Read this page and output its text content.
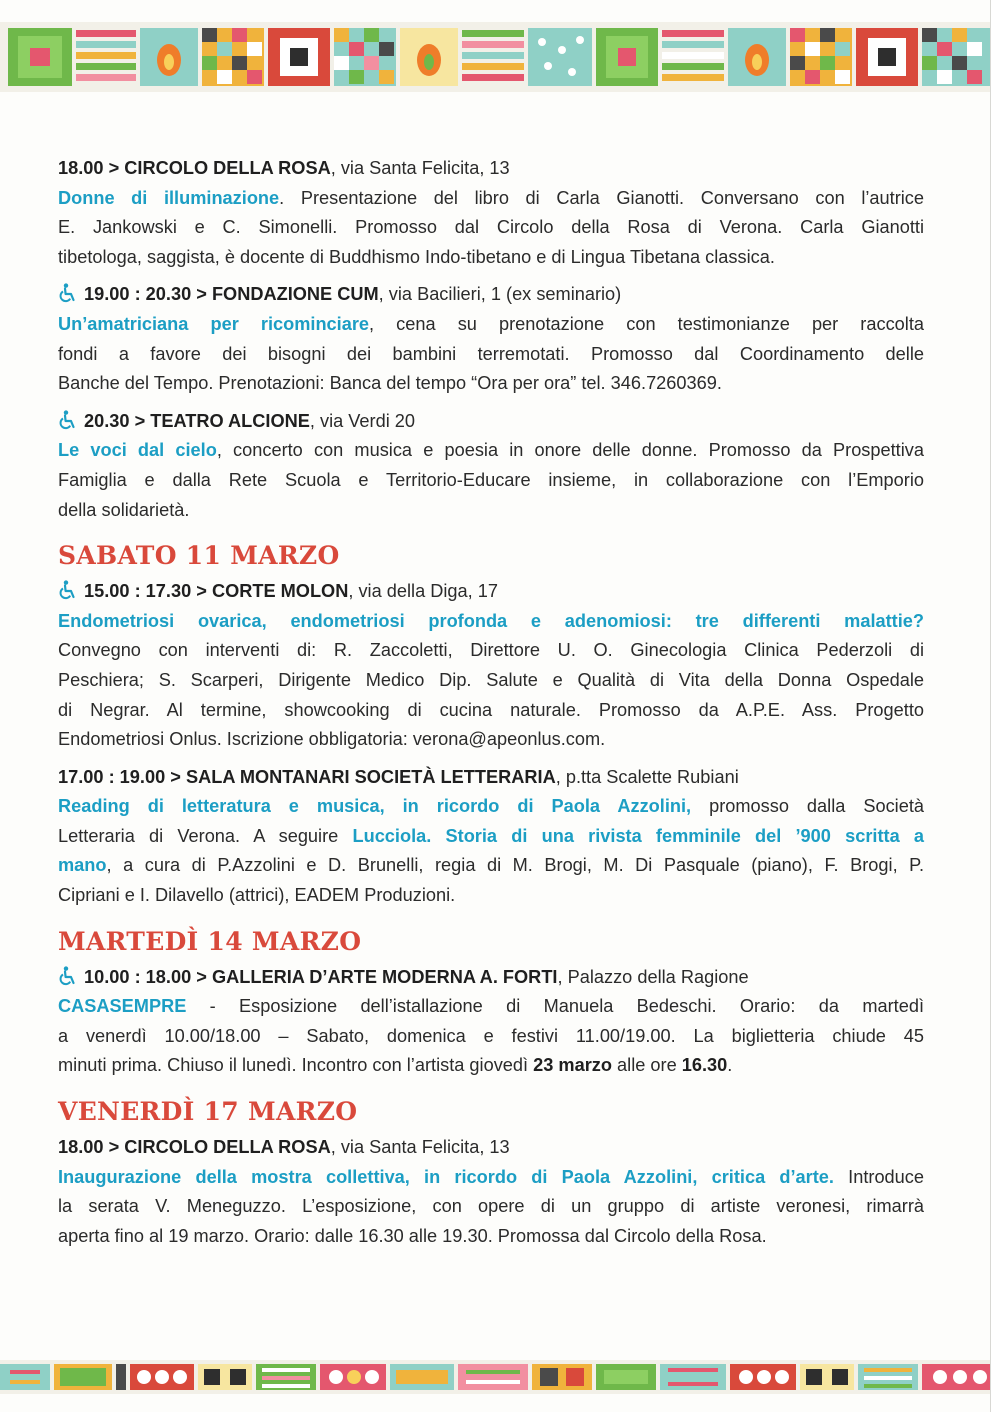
18.00 > CIRCOLO DELLA ROSA, via Santa Felicita, 13
Donne di illuminazione. Presentazione del libro di Carla Gianotti. Conversano con l’autrice
E. Jankowski e C. Simonelli. Promosso dal Circolo della Rosa di Verona. Carla Gianotti
tibetologa, saggista, è docente di Buddhismo Indo-tibetano e di Lingua Tibetana classica.
19.00 : 20.30 > FONDAZIONE CUM, via Bacilieri, 1 (ex seminario)
Un’amatriciana per ricominciare, cena su prenotazione con testimonianze per raccolta
fondi a favore dei bisogni dei bambini terremotati. Promosso dal Coordinamento delle
Banche del Tempo. Prenotazioni: Banca del tempo “Ora per ora” tel. 346.7260369.
20.30 > TEATRO ALCIONE, via Verdi 20
Le voci dal cielo, concerto con musica e poesia in onore delle donne. Promosso da Prospettiva
Famiglia e dalla Rete Scuola e Territorio-Educare insieme, in collaborazione con l’Emporio
della solidarietà.
SABATO 11 MARZO
15.00 : 17.30 > CORTE MOLON, via della Diga, 17
Endometriosi ovarica, endometriosi profonda e adenomiosi: tre differenti malattie?
Convegno con interventi di: R. Zaccoletti, Direttore U. O. Ginecologia Clinica Pederzoli di
Peschiera; S. Scarperi, Dirigente Medico Dip. Salute e Qualità di Vita della Donna Ospedale
di Negrar. Al termine, showcooking di cucina naturale. Promosso da A.P.E. Ass. Progetto
Endometriosi Onlus. Iscrizione obbligatoria: verona@apeonlus.com.
17.00 : 19.00 > SALA MONTANARI SOCIETÀ LETTERARIA, p.tta Scalette Rubiani
Reading di letteratura e musica, in ricordo di Paola Azzolini, promosso dalla Società
Letteraria di Verona. A seguire Lucciola. Storia di una rivista femminile del ’900 scritta a
mano, a cura di P.Azzolini e D. Brunelli, regia di M. Brogi, M. Di Pasquale (piano), F. Brogi, P.
Cipriani e I. Dilavello (attrici), EADEM Produzioni.
MARTEDÌ 14 MARZO
10.00 : 18.00 > GALLERIA D’ARTE MODERNA A. FORTI, Palazzo della Ragione
CASASEMPRE - Esposizione dell’istallazione di Manuela Bedeschi. Orario: da martedì
a venerdì 10.00/18.00 – Sabato, domenica e festivi 11.00/19.00. La biglietteria chiude 45
minuti prima. Chiuso il lunedì. Incontro con l’artista giovedì 23 marzo alle ore 16.30.
VENERDÌ 17 MARZO
18.00 > CIRCOLO DELLA ROSA, via Santa Felicita, 13
Inaugurazione della mostra collettiva, in ricordo di Paola Azzolini, critica d’arte. Introduce
la serata V. Meneguzzo. L’esposizione, con opere di un gruppo di artiste veronesi, rimarrà
aperta fino al 19 marzo. Orario: dalle 16.30 alle 19.30. Promossa dal Circolo della Rosa.
